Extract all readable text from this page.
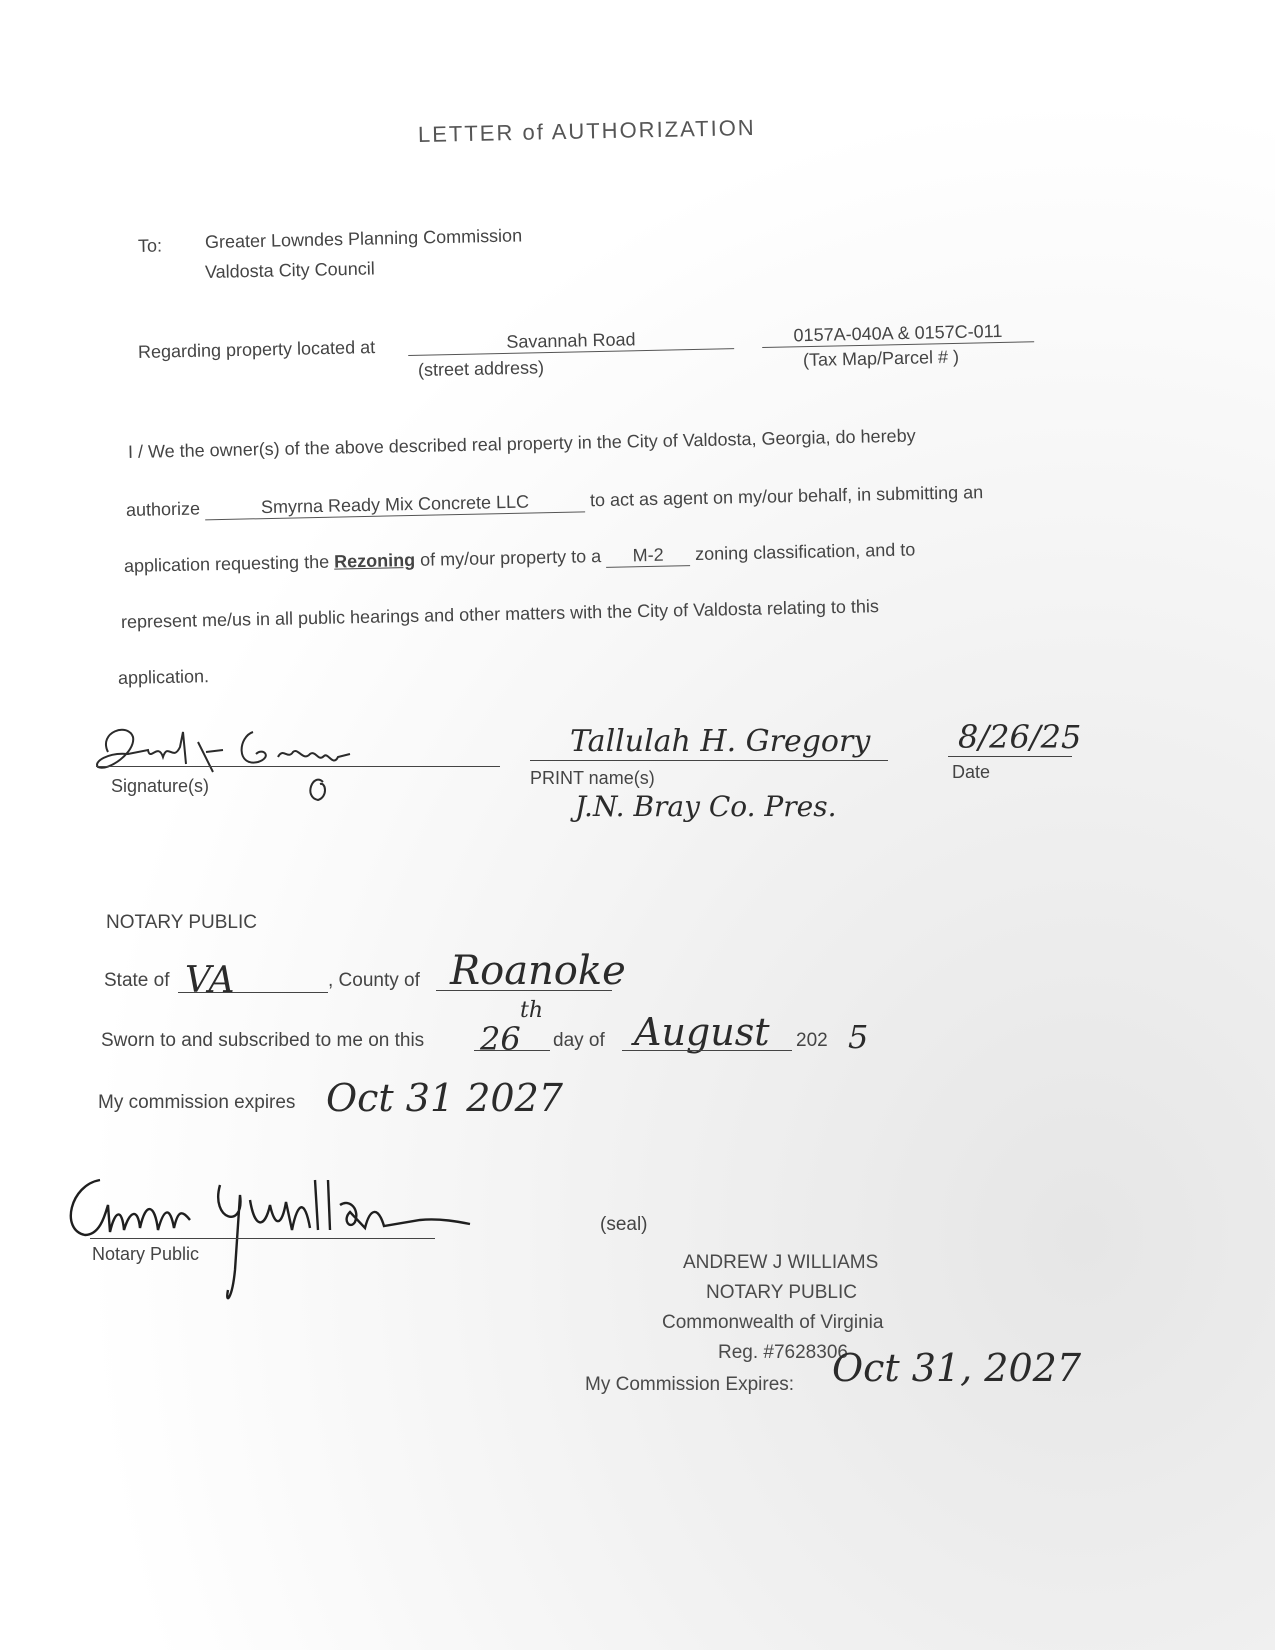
LETTER of AUTHORIZATION
To: Greater Lowndes Planning Commission
Valdosta City Council
Regarding property located at	Savannah Road
(street address)
0157A-040A & 0157C-011
(Tax Map/Parcel # )
I / We the owner(s) of the above described real property in the City of Valdosta, Georgia, do hereby
authorize	Smyrna Ready Mix Concrete LLC	to act as agent on my/our behalf, in submitting an
application requesting the Rezoning of my/our property to a M-2 zoning classification, and to
represent me/us in all public hearings and other matters with the City of Valdosta relating to this
application.
Signature(s)
Tallulah H. Gregory
PRINT name(s)
J.N. Bray Co. Pres.
8/26/25
Date
NOTARY PUBLIC
State of VA	, County of Roanoke
Sworn to and subscribed to me on this 26
th
day of August 202 5
My commission expires Oct 31 2027
Notary Public
(seal)
ANDREW J WILLIAMS
NOTARY PUBLIC
Commonwealth of Virginia
Reg. #7628306
My Commission Expires: Oct 31, 2027
